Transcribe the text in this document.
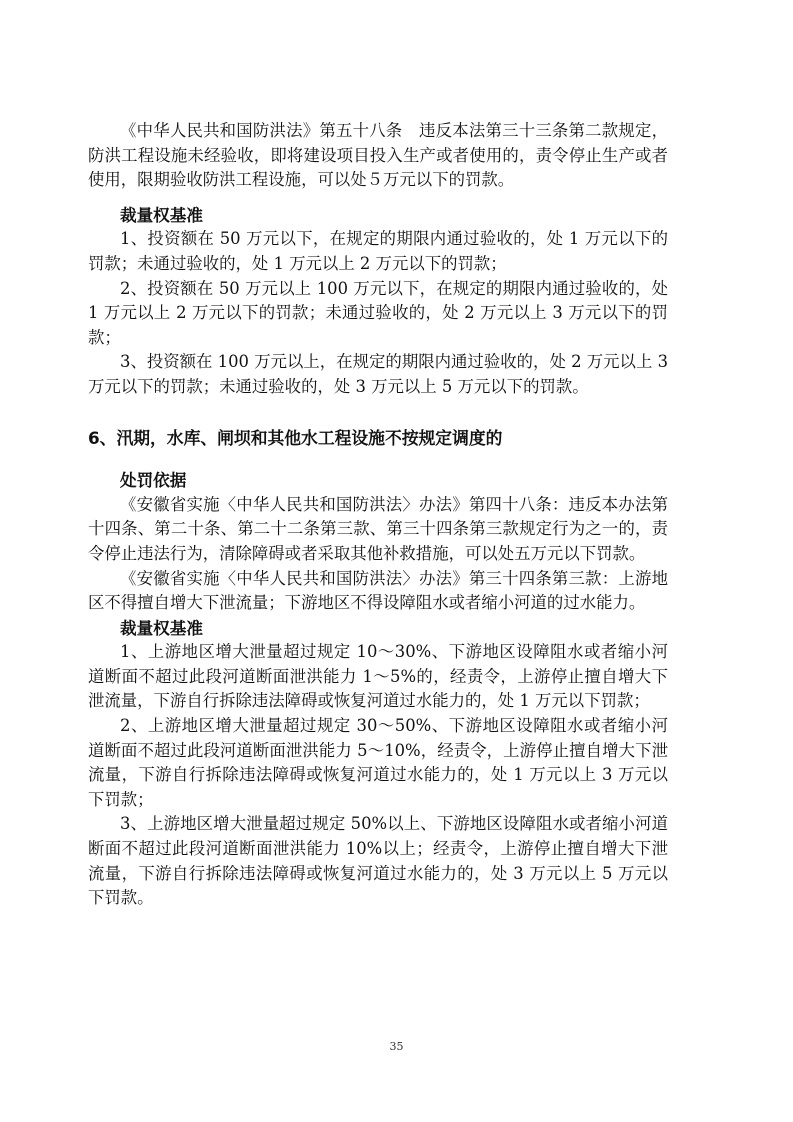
《中华人民共和国防洪法》第五十八条　违反本法第三十三条第二款规定，防洪工程设施未经验收，即将建设项目投入生产或者使用的，责令停止生产或者使用，限期验收防洪工程设施，可以处５万元以下的罚款。

裁量权基准

1、投资额在 50 万元以下，在规定的期限内通过验收的，处 1 万元以下的罚款；未通过验收的，处 1 万元以上 2 万元以下的罚款；

2、投资额在 50 万元以上 100 万元以下，在规定的期限内通过验收的，处 1 万元以上 2 万元以下的罚款；未通过验收的，处 2 万元以上 3 万元以下的罚款；

3、投资额在 100 万元以上，在规定的期限内通过验收的，处 2 万元以上 3 万元以下的罚款；未通过验收的，处 3 万元以上 5 万元以下的罚款。

6、汛期，水库、闸坝和其他水工程设施不按规定调度的
处罚依据

《安徽省实施〈中华人民共和国防洪法〉办法》第四十八条：违反本办法第十四条、第二十条、第二十二条第三款、第三十四条第三款规定行为之一的，责令停止违法行为，清除障碍或者采取其他补救措施，可以处五万元以下罚款。

《安徽省实施〈中华人民共和国防洪法〉办法》第三十四条第三款：上游地区不得擅自增大下泄流量；下游地区不得设障阻水或者缩小河道的过水能力。

裁量权基准

1、上游地区增大泄量超过规定 10～30%、下游地区设障阻水或者缩小河道断面不超过此段河道断面泄洪能力 1～5%的，经责令，上游停止擅自增大下泄流量，下游自行拆除违法障碍或恢复河道过水能力的，处 1 万元以下罚款；

2、上游地区增大泄量超过规定 30～50%、下游地区设障阻水或者缩小河道断面不超过此段河道断面泄洪能力 5～10%，经责令，上游停止擅自增大下泄流量，下游自行拆除违法障碍或恢复河道过水能力的，处 1 万元以上 3 万元以下罚款；

3、上游地区增大泄量超过规定 50%以上、下游地区设障阻水或者缩小河道断面不超过此段河道断面泄洪能力 10%以上；经责令，上游停止擅自增大下泄流量，下游自行拆除违法障碍或恢复河道过水能力的，处 3 万元以上 5 万元以下罚款。

35
